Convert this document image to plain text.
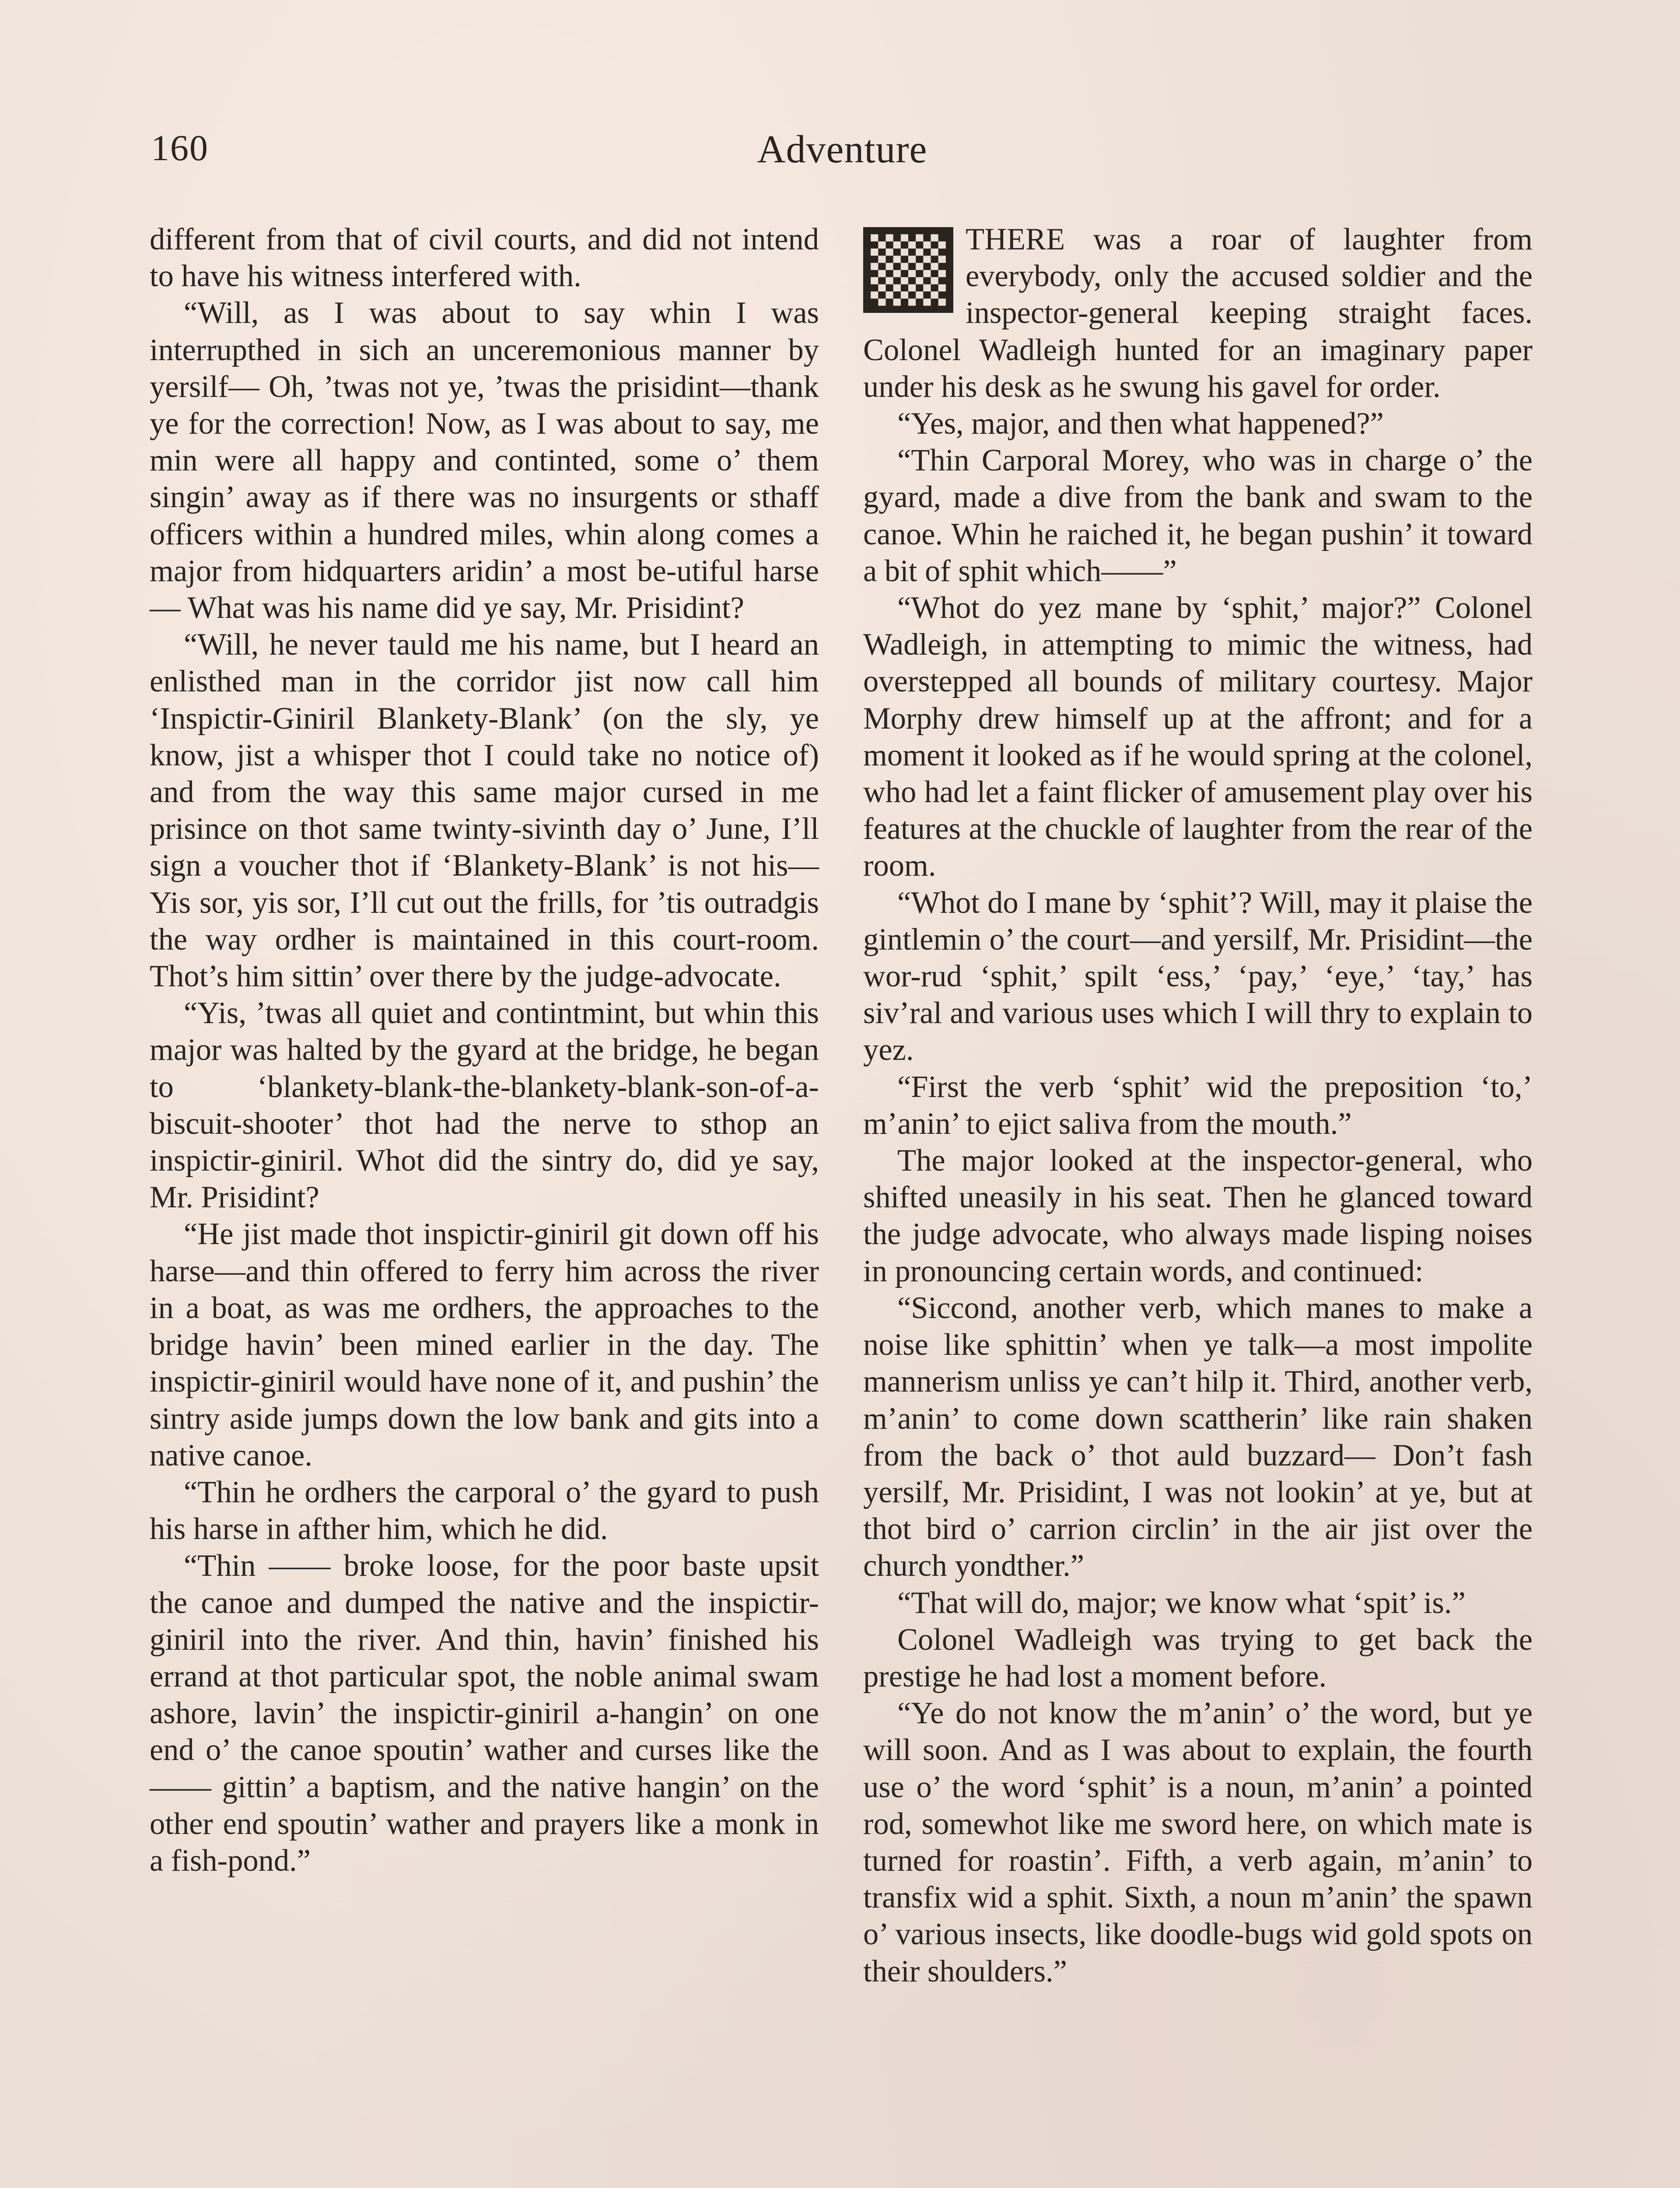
160	Adventure

different from that of civil courts, and did not intend to have his witness interfered with.

“Will, as I was about to say whin I was interrupthed in sich an unceremonious manner by yersilf— Oh, ’twas not ye, ’twas the prisidint—thank ye for the correction! Now, as I was about to say, me min were all happy and continted, some o’ them singin’ away as if there was no insurgents or sthaff officers within a hundred miles, whin along comes a major from hidquarters aridin’ a most be-utiful harse— What was his name did ye say, Mr. Prisidint?

“Will, he never tauld me his name, but I heard an enlisthed man in the corridor jist now call him ‘Inspictir-Giniril Blankety-Blank’ (on the sly, ye know, jist a whisper thot I could take no notice of) and from the way this same major cursed in me prisince on thot same twinty-sivinth day o’ June, I’ll sign a voucher thot if ‘Blankety-Blank’ is not his— Yis sor, yis sor, I’ll cut out the frills, for ’tis outradgis the way ordher is maintained in this court-room. Thot’s him sittin’ over there by the judge-advocate.

“Yis, ’twas all quiet and contintmint, but whin this major was halted by the gyard at the bridge, he began to ‘blankety-blank-the-blankety-blank-son-of-a-biscuit-shooter’ thot had the nerve to sthop an inspictir-giniril. Whot did the sintry do, did ye say, Mr. Prisidint?

“He jist made thot inspictir-giniril git down off his harse—and thin offered to ferry him across the river in a boat, as was me ordhers, the approaches to the bridge havin’ been mined earlier in the day. The inspictir-giniril would have none of it, and pushin’ the sintry aside jumps down the low bank and gits into a native canoe.

“Thin he ordhers the carporal o’ the gyard to push his harse in afther him, which he did.

“Thin —— broke loose, for the poor baste upsit the canoe and dumped the native and the inspictir-giniril into the river. And thin, havin’ finished his errand at thot particular spot, the noble animal swam ashore, lavin’ the inspictir-giniril a-hangin’ on one end o’ the canoe spoutin’ wather and curses like the —— gittin’ a baptism, and the native hangin’ on the other end spoutin’ wather and prayers like a monk in a fish-pond.”

THERE was a roar of laughter from everybody, only the accused soldier and the inspector-general keeping straight faces. Colonel Wadleigh hunted for an imaginary paper under his desk as he swung his gavel for order.

“Yes, major, and then what happened?”

“Thin Carporal Morey, who was in charge o’ the gyard, made a dive from the bank and swam to the canoe. Whin he raiched it, he began pushin’ it toward a bit of sphit which——”

“Whot do yez mane by ‘sphit,’ major?” Colonel Wadleigh, in attempting to mimic the witness, had overstepped all bounds of military courtesy. Major Morphy drew himself up at the affront; and for a moment it looked as if he would spring at the colonel, who had let a faint flicker of amusement play over his features at the chuckle of laughter from the rear of the room.

“Whot do I mane by ‘sphit’? Will, may it plaise the gintlemin o’ the court—and yersilf, Mr. Prisidint—the wor-rud ‘sphit,’ spilt ‘ess,’ ‘pay,’ ‘eye,’ ‘tay,’ has siv’ral and various uses which I will thry to explain to yez.

“First the verb ‘sphit’ wid the preposition ‘to,’ m’anin’ to ejict saliva from the mouth.”

The major looked at the inspector-general, who shifted uneasily in his seat. Then he glanced toward the judge advocate, who always made lisping noises in pronouncing certain words, and continued:

“Siccond, another verb, which manes to make a noise like sphittin’ when ye talk—a most impolite mannerism unliss ye can’t hilp it. Third, another verb, m’anin’ to come down scattherin’ like rain shaken from the back o’ thot auld buzzard— Don’t fash yersilf, Mr. Prisidint, I was not lookin’ at ye, but at thot bird o’ carrion circlin’ in the air jist over the church yondther.”

“That will do, major; we know what ‘spit’ is.”

Colonel Wadleigh was trying to get back the prestige he had lost a moment before.

“Ye do not know the m’anin’ o’ the word, but ye will soon. And as I was about to explain, the fourth use o’ the word ‘sphit’ is a noun, m’anin’ a pointed rod, somewhot like me sword here, on which mate is turned for roastin’. Fifth, a verb again, m’anin’ to transfix wid a sphit. Sixth, a noun m’anin’ the spawn o’ various insects, like doodle-bugs wid gold spots on their shoulders.”
